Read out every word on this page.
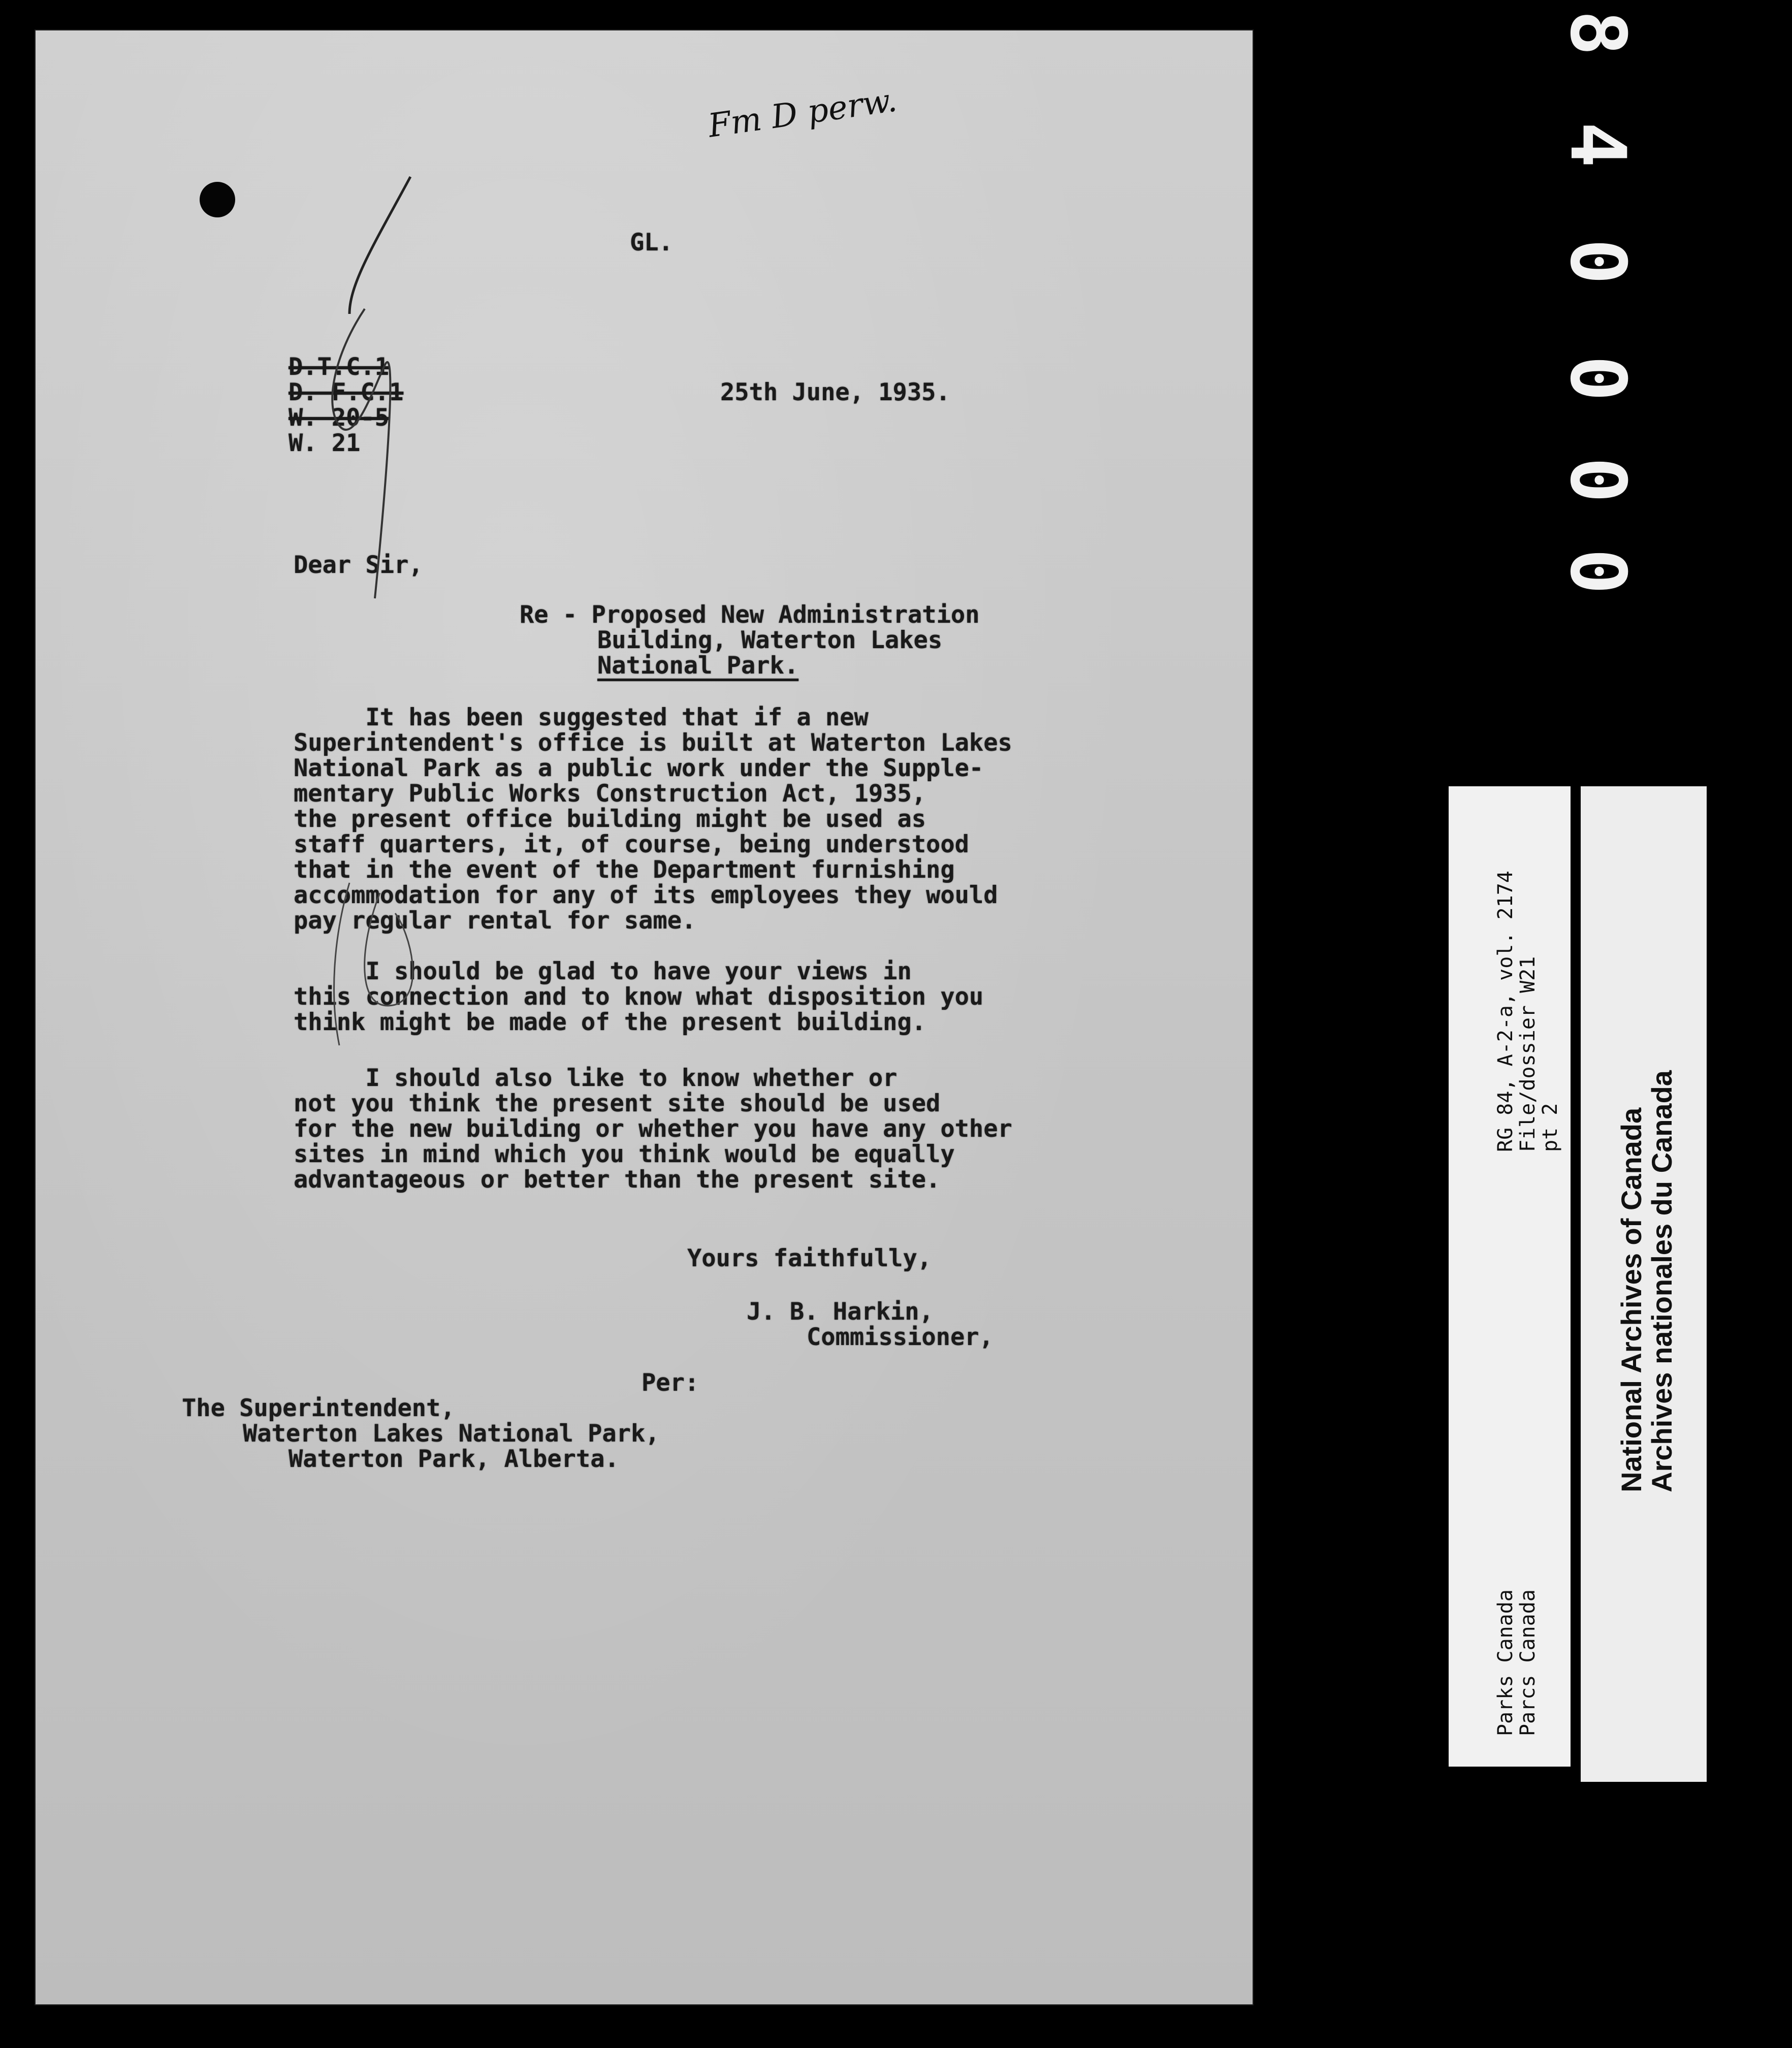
Fm D perw.
GL.
D.T.C.1
D. F.C.1
W. 20-5
W. 21
25th June, 1935.
Dear Sir,
Re - Proposed New Administration
Building, Waterton Lakes
National Park.
It has been suggested that if a new
Superintendent's office is built at Waterton Lakes
National Park as a public work under the Supple-
mentary Public Works Construction Act, 1935,
the present office building might be used as
staff quarters, it, of course, being understood
that in the event of the Department furnishing
accommodation for any of its employees they would
pay regular rental for same.
I should be glad to have your views in
this connection and to know what disposition you
think might be made of the present building.
I should also like to know whether or
not you think the present site should be used
for the new building or whether you have any other
sites in mind which you think would be equally
advantageous or better than the present site.
Yours faithfully,
J. B. Harkin,
Commissioner,
Per:
The Superintendent,
Waterton Lakes National Park,
Waterton Park, Alberta.
0
0
0
0
4
8
RG 84, A-2-a, vol. 2174
File/dossier W21
pt 2
Parks Canada
Parcs Canada
National Archives of Canada
Archives nationales du Canada
